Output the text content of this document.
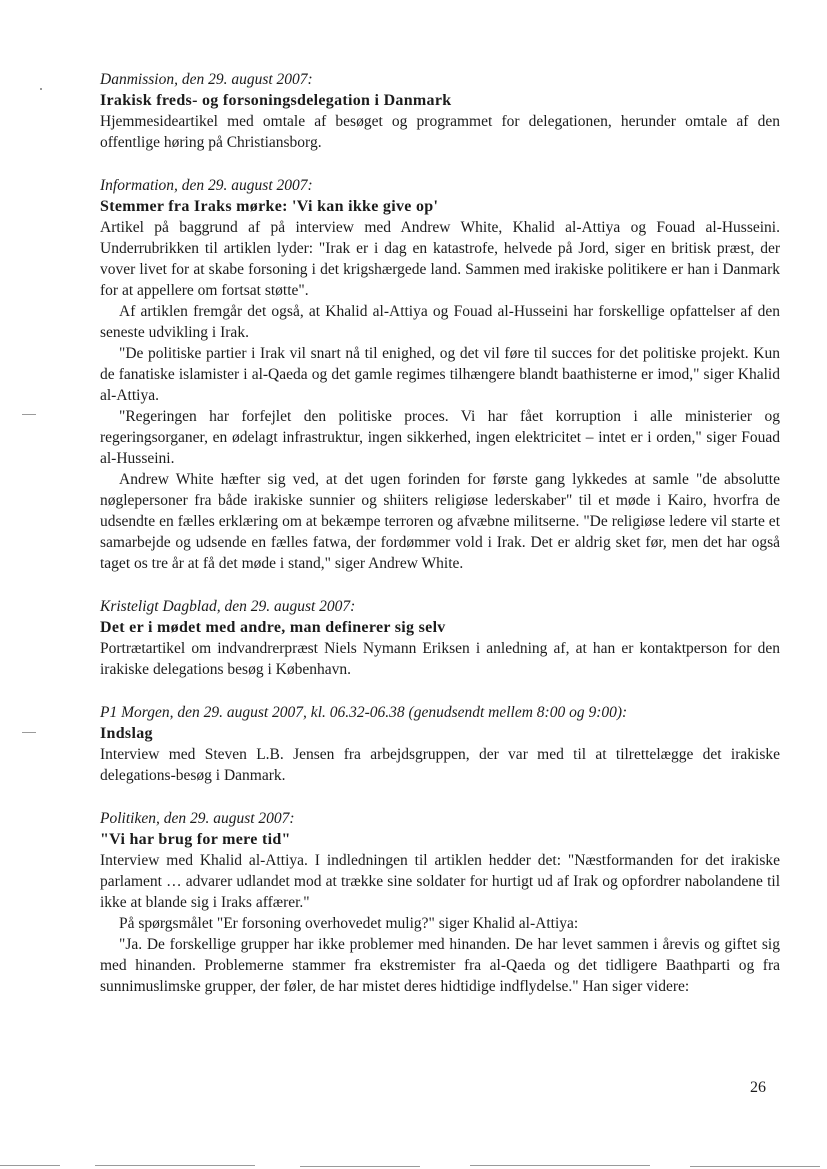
Danmission, den 29. august 2007:
Irakisk freds- og forsoningsdelegation i Danmark
Hjemmesideartikel med omtale af besøget og programmet for delegationen, herunder omtale af den offentlige høring på Christiansborg.
Information, den 29. august 2007:
Stemmer fra Iraks mørke: 'Vi kan ikke give op'
Artikel på baggrund af på interview med Andrew White, Khalid al-Attiya og Fouad al-Husseini. Underrubrikken til artiklen lyder: "Irak er i dag en katastrofe, helvede på Jord, siger en britisk præst, der vover livet for at skabe forsoning i det krigshærgede land. Sammen med irakiske politikere er han i Danmark for at appellere om fortsat støtte".
Af artiklen fremgår det også, at Khalid al-Attiya og Fouad al-Husseini har forskellige opfattelser af den seneste udvikling i Irak.
"De politiske partier i Irak vil snart nå til enighed, og det vil føre til succes for det politiske projekt. Kun de fanatiske islamister i al-Qaeda og det gamle regimes tilhængere blandt baathisterne er imod," siger Khalid al-Attiya.
"Regeringen har forfejlet den politiske proces. Vi har fået korruption i alle ministerier og regeringsorganer, en ødelagt infrastruktur, ingen sikkerhed, ingen elektricitet – intet er i orden," siger Fouad al-Husseini.
Andrew White hæfter sig ved, at det ugen forinden for første gang lykkedes at samle "de absolutte nøglepersoner fra både irakiske sunnier og shiiters religiøse lederskaber" til et møde i Kairo, hvorfra de udsendte en fælles erklæring om at bekæmpe terroren og afvæbne militserne. "De religiøse ledere vil starte et samarbejde og udsende en fælles fatwa, der fordømmer vold i Irak. Det er aldrig sket før, men det har også taget os tre år at få det møde i stand," siger Andrew White.
Kristeligt Dagblad, den 29. august 2007:
Det er i mødet med andre, man definerer sig selv
Portrætartikel om indvandrerpræst Niels Nymann Eriksen i anledning af, at han er kontaktperson for den irakiske delegations besøg i København.
P1 Morgen, den 29. august 2007, kl. 06.32-06.38 (genudsendt mellem 8:00 og 9:00):
Indslag
Interview med Steven L.B. Jensen fra arbejdsgruppen, der var med til at tilrettelægge det irakiske delegations-besøg i Danmark.
Politiken, den 29. august 2007:
"Vi har brug for mere tid"
Interview med Khalid al-Attiya. I indledningen til artiklen hedder det: "Næstformanden for det irakiske parlament … advarer udlandet mod at trække sine soldater for hurtigt ud af Irak og opfordrer nabolandene til ikke at blande sig i Iraks affærer."
På spørgsmålet "Er forsoning overhovedet mulig?" siger Khalid al-Attiya:
"Ja. De forskellige grupper har ikke problemer med hinanden. De har levet sammen i årevis og giftet sig med hinanden. Problemerne stammer fra ekstremister fra al-Qaeda og det tidligere Baathparti og fra sunnimuslimske grupper, der føler, de har mistet deres hidtidige indflydelse." Han siger videre:
26
